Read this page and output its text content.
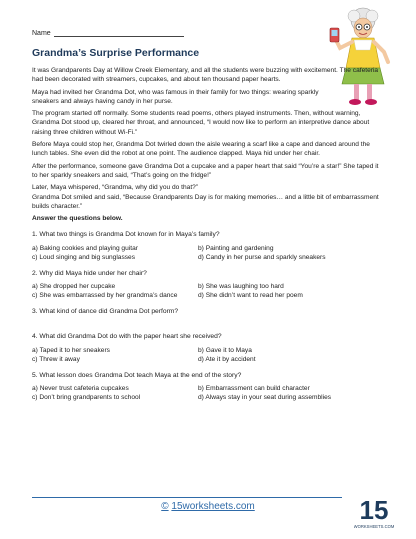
Name
Grandma’s Surprise Performance

It was Grandparents Day at Willow Creek Elementary, and all the students were buzzing with excitement. The cafeteria had been decorated with streamers, cupcakes, and about ten thousand paper hearts.

Maya had invited her Grandma Dot, who was famous in their family for two things: wearing sparkly sneakers and always having candy in her purse.

The program started off normally. Some students read poems, others played instruments. Then, without warning, Grandma Dot stood up, cleared her throat, and announced, “I would now like to perform an interpretive dance about raising three children without Wi-Fi.”

Before Maya could stop her, Grandma Dot twirled down the aisle wearing a scarf like a cape and danced around the lunch tables. She even did the robot at one point. The audience clapped. Maya hid under her chair.

After the performance, someone gave Grandma Dot a cupcake and a paper heart that said “You’re a star!” She taped it to her sparkly sneakers and said, “That’s going on the fridge!”

Later, Maya whispered, “Grandma, why did you do that?”
Grandma Dot smiled and said, “Because Grandparents Day is for making memories… and a little bit of embarrassment builds character.”

Answer the questions below.
1. What two things is Grandma Dot known for in Maya’s family?
a) Baking cookies and playing guitar	b) Painting and gardening
c) Loud singing and big sunglasses	d) Candy in her purse and sparkly sneakers
2. Why did Maya hide under her chair?
a) She dropped her cupcake	b) She was laughing too hard
c) She was embarrassed by her grandma’s dance	d) She didn’t want to read her poem
3. What kind of dance did Grandma Dot perform?
4. What did Grandma Dot do with the paper heart she received?
a) Taped it to her sneakers	b) Gave it to Maya
c) Threw it away	d) Ate it by accident
5. What lesson does Grandma Dot teach Maya at the end of the story?
a) Never trust cafeteria cupcakes	b) Embarrassment can build character
c) Don’t bring grandparents to school	d) Always stay in your seat during assemblies
© 15worksheets.com	15
WORKSHEETS.COM
